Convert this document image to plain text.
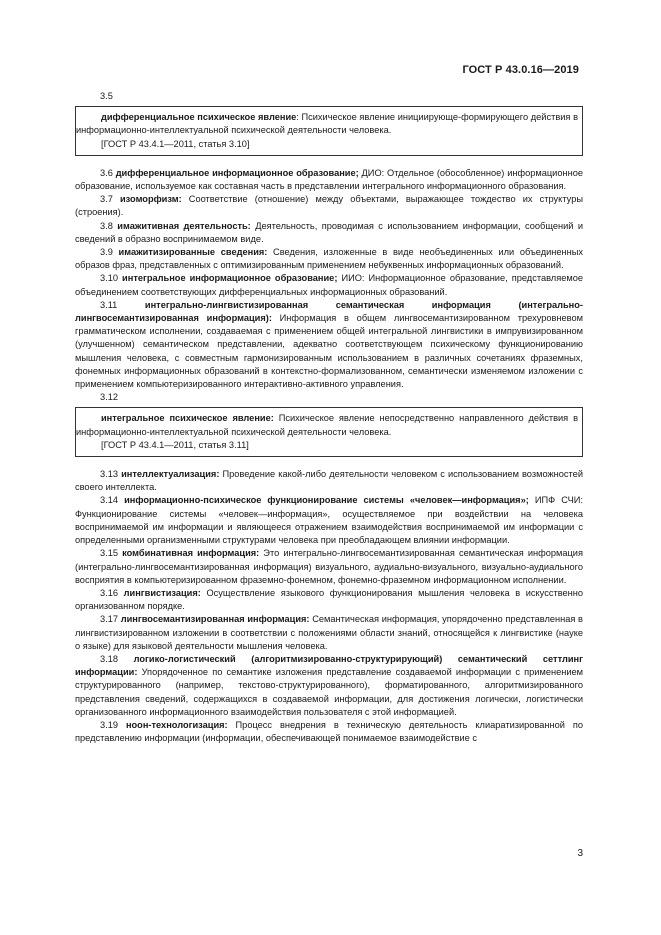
ГОСТ Р 43.0.16—2019

3.5

дифференциальное психическое явление: Психическое явление инициирующе-формирующего действия в информационно-интеллектуальной психической деятельности человека.

[ГОСТ Р 43.4.1—2011, статья 3.10]

3.6 дифференциальное информационное образование; ДИО: Отдельное (обособленное) информационное образование, используемое как составная часть в представлении интегрального информационного образования.

3.7 изоморфизм: Соответствие (отношение) между объектами, выражающее тождество их структуры (строения).

3.8 имажитивная деятельность: Деятельность, проводимая с использованием информации, сообщений и сведений в образно воспринимаемом виде.

3.9 имажитизированные сведения: Сведения, изложенные в виде необъединенных или объединенных образов фраз, представленных с оптимизированным применением небуквенных информационных образований.

3.10 интегральное информационное образование; ИИО: Информационное образование, представляемое объединением соответствующих дифференциальных информационных образований.

3.11	интегрально-лингвистизированная семантическая информация (интегрально-лингвосемантизированная информация): Информация в общем лингвосемантизированном трехуровневом грамматическом исполнении, создаваемая с применением общей интегральной лингвистики в импрувизированном (улучшенном) семантическом представлении, адекватно соответствующем психическому функционированию мышления человека, с совместным гармонизированным использованием в различных сочетаниях фраземных, фонемных информационных образований в контекстно-формализованном, семантически изменяемом изложении с применением компьютеризированного интерактивно-активного управления.

3.12

интегральное психическое явление: Психическое явление непосредственно направленного действия в информационно-интеллектуальной психической деятельности человека.

[ГОСТ Р 43.4.1—2011, статья 3.11]

3.13 интеллектуализация: Проведение какой-либо деятельности человеком с использованием возможностей своего интеллекта.

3.14 информационно-психическое функционирование системы «человек—информация»; ИПФ СЧИ: Функционирование системы «человек—информация», осуществляемое при воздействии на человека воспринимаемой им информации и являющееся отражением взаимодействия воспринимаемой им информации с определенными организменными структурами человека при преобладающем влиянии информации.

3.15 комбинативная информация: Это интегрально-лингвосемантизированная семантическая информация (интегрально-лингвосемантизированная информация) визуального, аудиально-визуального, визуально-аудиального восприятия в компьютеризированном фраземно-фонемном, фонемно-фраземном информационном исполнении.

3.16 лингвистизация: Осуществление языкового функционирования мышления человека в искусственно организованном порядке.

3.17 лингвосемантизированная информация: Семантическая информация, упорядоченно представленная в лингвистизированном изложении в соответствии с положениями области знаний, относящейся к лингвистике (науке о языке) для языковой деятельности мышления человека.

3.18 логико-логистический (алгоритмизированно-структурирующий) семантический сеттлинг информации: Упорядоченное по семантике изложения представление создаваемой информации с применением структурированного (например, текстово-структурированного), форматированного, алгоритмизированного представления сведений, содержащихся в создаваемой информации, для достижения логически, логистически организованного информационного взаимодействия пользователя с этой информацией.

3.19 ноон-технологизация: Процесс внедрения в техническую деятельность клиаратизированной по представлению информации (информации, обеспечивающей понимаемое взаимодействие с

3
